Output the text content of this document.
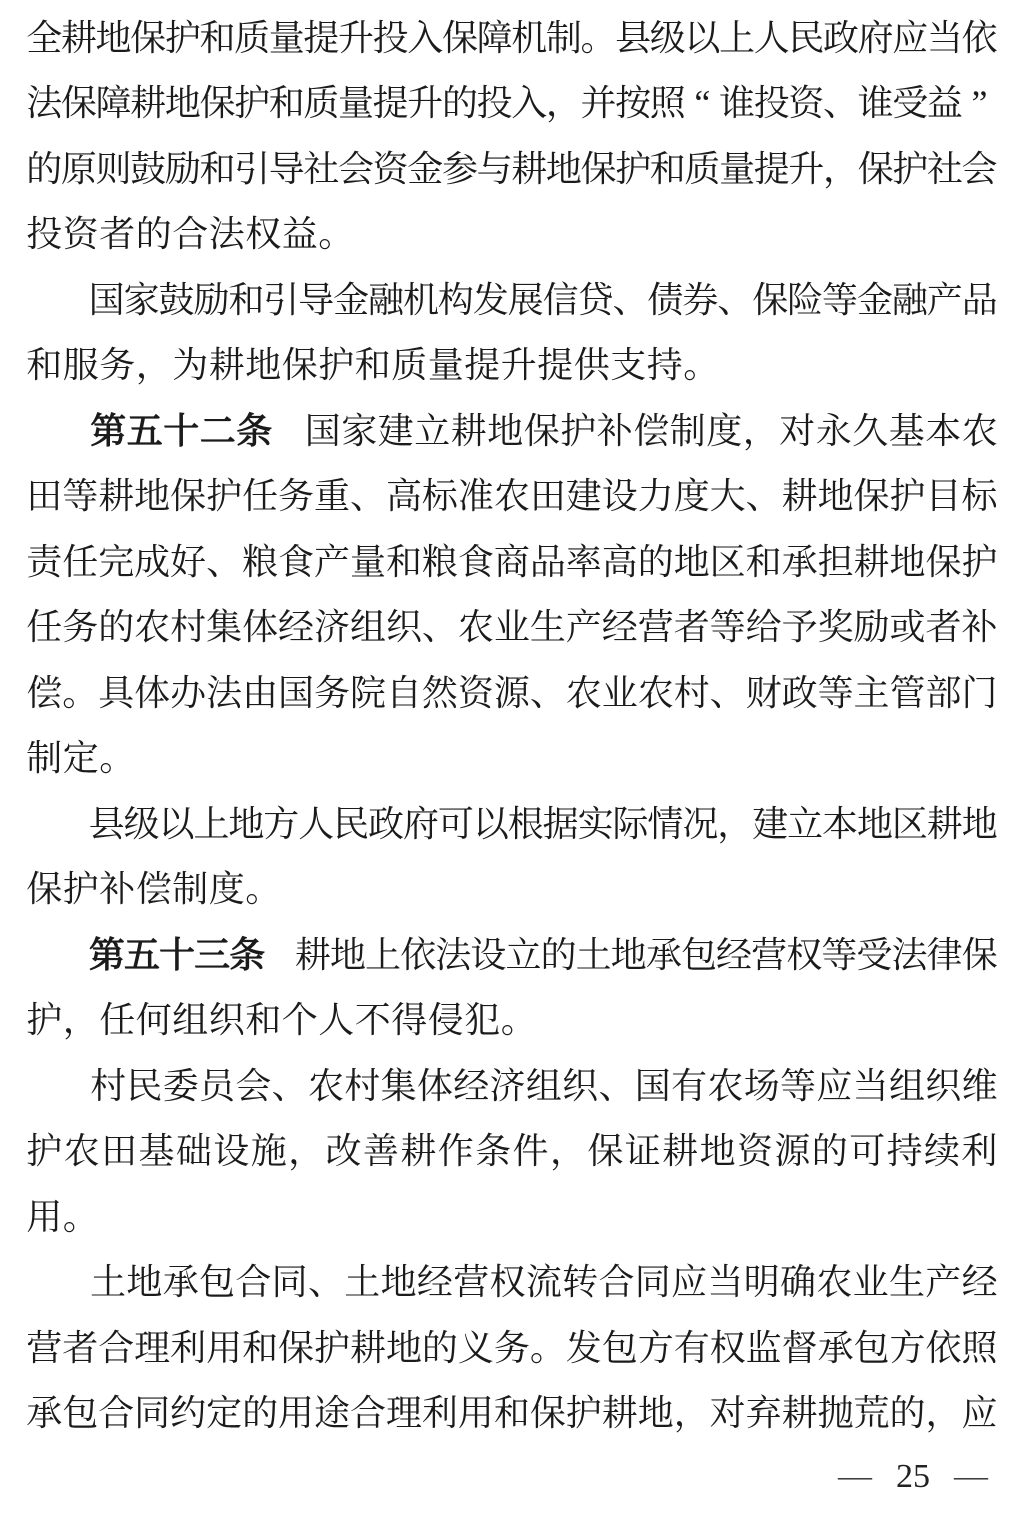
全
耕
地
保
护
和
质
量
提
升
投
入
保
障
机
制
。
县
级
以
上
人
民
政
府
应
当
依
法
保
障
耕
地
保
护
和
质
量
提
升
的
投
入
，
并
按
照 “ 谁
投
资
、
谁
受
益 ”
的
原
则
鼓
励
和
引
导
社
会
资
金
参
与
耕
地
保
护
和
质
量
提
升
，
保
护
社
会
投 资 者 的 合 法 权 益 。
国
家
鼓
励
和
引
导
金
融
机
构
发
展
信
贷
、
债
券
、
保
险
等
金
融
产
品
和 服 务 ， 为 耕 地 保 护 和 质 量 提 升 提 供 支 持 。
第 五 十 二 条 国 家 建 立 耕 地 保 护 补 偿 制 度 ， 对 永 久 基 本 农
田 等 耕 地 保 护 任 务 重 、 高 标 准 农 田 建 设 力 度 大 、 耕 地 保 护 目 标
责 任 完 成 好 、 粮 食 产 量 和 粮 食 商 品 率 高 的 地 区 和 承 担 耕 地 保 护
任 务 的 农 村 集 体 经 济 组 织 、 农 业 生 产 经 营 者 等 给 予 奖 励 或 者 补
偿 。 具 体 办 法 由 国 务 院 自 然 资 源 、 农 业 农 村 、 财 政 等 主 管 部 门
制 定 。
县
级
以
上
地
方
人
民
政
府
可
以
根
据
实
际
情
况
，
建
立
本
地
区
耕
地
保 护 补 偿 制 度 。
第 五 十 三 条 耕 地 上 依 法 设 立 的 土 地 承 包 经 营 权 等 受 法 律 保
护 ， 任 何 组 织 和 个 人 不 得 侵 犯 。
村 民 委 员 会 、 农 村 集 体 经 济 组 织 、 国 有 农 场 等 应 当 组 织 维
护 农 田 基 础 设 施 ， 改 善 耕 作 条 件 ， 保 证 耕 地 资 源 的 可 持 续 利
用 。
土 地 承 包 合 同 、 土 地 经 营 权 流 转 合 同 应 当 明 确 农 业 生 产 经
营 者 合 理 利 用 和 保 护 耕 地 的 义 务 。 发 包 方 有 权 监 督 承 包 方 依 照
承 包 合 同 约 定 的 用 途 合 理 利 用 和 保 护 耕 地 ， 对 弃 耕 抛 荒 的 ， 应
— 25 —
